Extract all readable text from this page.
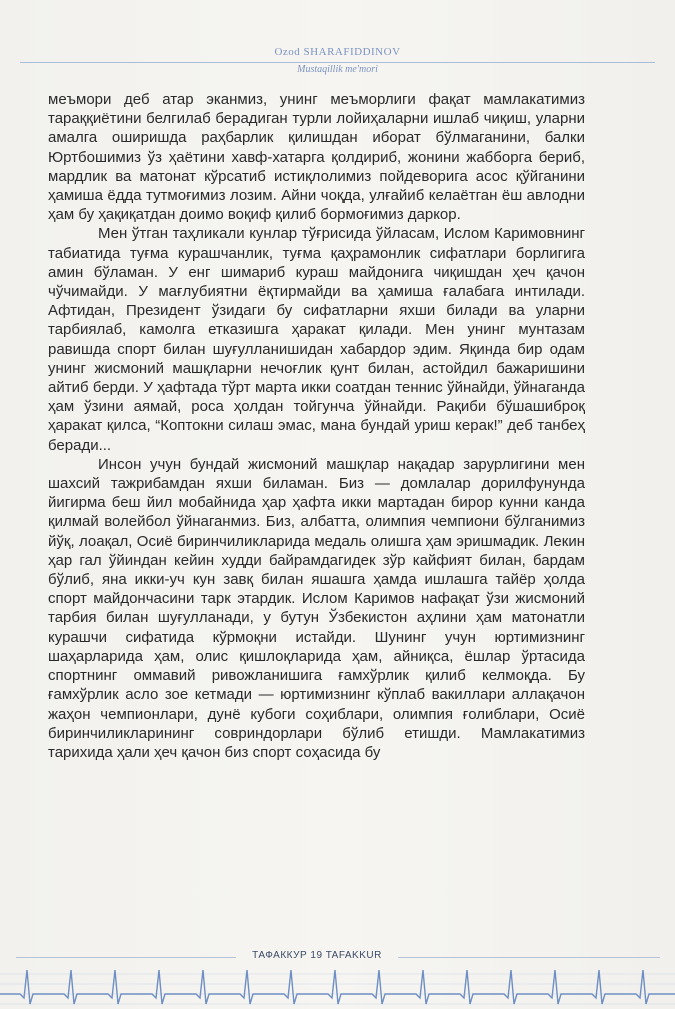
Ozod SHARAFIDDINOV
Mustaqillik me'mori

меъмори деб атар эканмиз, унинг меъморлиги фақат мамлакатимиз тараққиётини белгилаб берадиган турли лойиҳаларни ишлаб чиқиш, уларни амалга оширишда раҳбарлик қилишдан иборат бўлмаганини, балки Юртбошимиз ўз ҳаётини хавф-хатарга қолдириб, жонини жабборга бериб, мардлик ва матонат кўрсатиб истиқлолимиз пойдеворига асос қўйганини ҳамиша ёдда тутмоғимиз лозим. Айни чоқда, улғайиб келаётган ёш авлодни ҳам бу ҳақиқатдан доимо воқиф қилиб бормоғимиз даркор.

Мен ўтган таҳликали кунлар тўғрисида ўйласам, Ислом Каримовнинг табиатида туғма курашчанлик, туғма қаҳрамонлик сифатлари борлигига амин бўламан. У енг шимариб кураш майдонига чиқишдан ҳеч қачон чўчимайди. У мағлубиятни ёқтирмайди ва ҳамиша ғалабага интилади. Афтидан, Президент ўзидаги бу сифатларни яхши билади ва уларни тарбиялаб, камолга етказишга ҳаракат қилади. Мен унинг мунтазам равишда спорт билан шуғулланишидан хабардор эдим. Яқинда бир одам унинг жисмоний машқларни нечоғлик қунт билан, астойдил бажаришини айтиб берди. У ҳафтада тўрт марта икки соатдан теннис ўйнайди, ўйнаганда ҳам ўзини аямай, роса ҳолдан тойгунча ўйнайди. Рақиби бўшашиброқ ҳаракат қилса, “Коптокни силаш эмас, мана бундай уриш керак!” деб танбеҳ беради...

Инсон учун бундай жисмоний машқлар нақадар зарурлигини мен шахсий тажрибамдан яхши биламан. Биз — домлалар дорилфунунда йигирма беш йил мобайнида ҳар ҳафта икки мартадан бирор кунни канда қилмай волейбол ўйнаганмиз. Биз, албатта, олимпия чемпиони бўлганимиз йўқ, лоақал, Осиё биринчиликларида медаль олишга ҳам эришмадик. Лекин ҳар гал ўйиндан кейин худди байрамдагидек зўр кайфият билан, бардам бўлиб, яна икки-уч кун завқ билан яшашга ҳамда ишлашга тайёр ҳолда спорт майдончасини тарк этардик. Ислом Каримов нафақат ўзи жисмоний тарбия билан шуғулланади, у бутун Ўзбекистон аҳлини ҳам матонатли курашчи сифатида кўрмоқни истайди. Шунинг учун юртимизнинг шаҳарларида ҳам, олис қишлоқларида ҳам, айниқса, ёшлар ўртасида спортнинг оммавий ривожланишига ғамхўрлик қилиб келмоқда. Бу ғамхўрлик асло зое кетмади — юртимизнинг кўплаб вакиллари аллақачон жаҳон чемпионлари, дунё кубоги соҳиблари, олимпия ғолиблари, Осиё биринчиликларининг совриндорлари бўлиб етишди. Мамлакатимиз тарихида ҳали ҳеч қачон биз спорт соҳасида бу

ТАФАККУР 19 TAFAKKUR
